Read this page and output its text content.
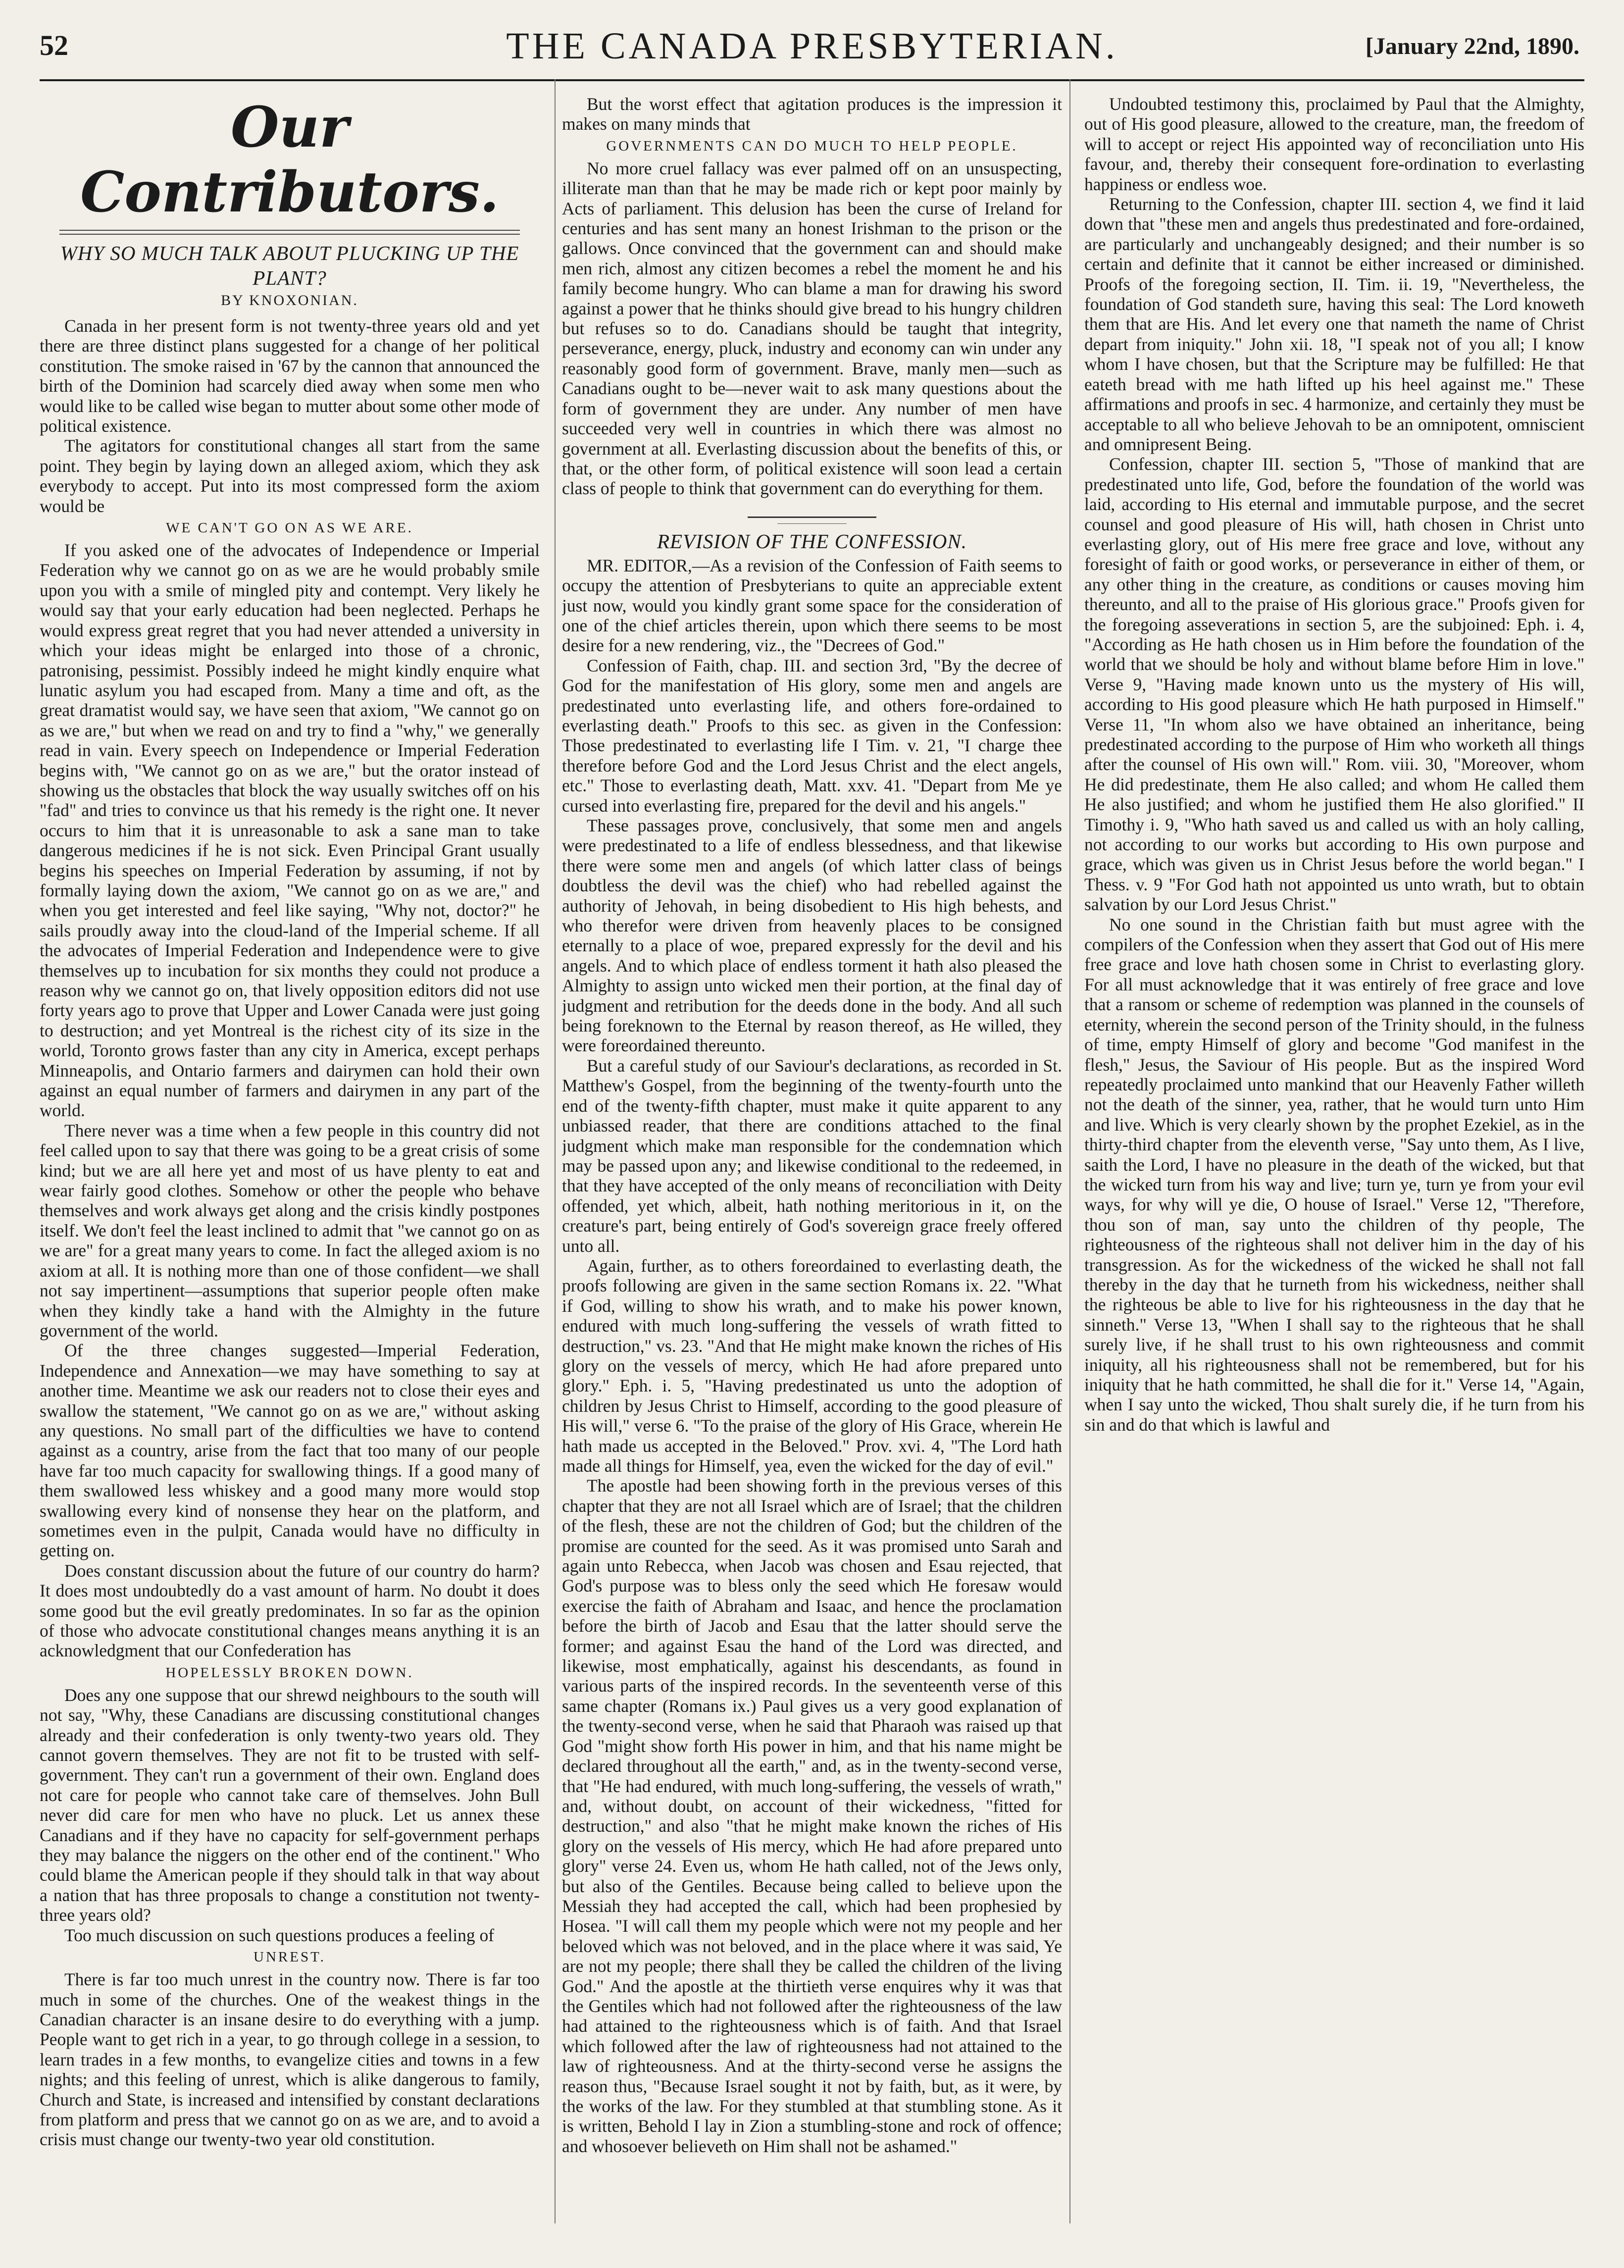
52	THE CANADA PRESBYTERIAN.	[January 22nd, 1890.
Our Contributors.
WHY SO MUCH TALK ABOUT PLUCKING UP THE PLANT?
BY KNOXONIAN.

Canada in her present form is not twenty-three years old and yet there are three distinct plans suggested for a change of her political constitution. The smoke raised in '67 by the cannon that announced the birth of the Dominion had scarcely died away when some men who would like to be called wise began to mutter about some other mode of political existence.

The agitators for constitutional changes all start from the same point. They begin by laying down an alleged axiom, which they ask everybody to accept. Put into its most compressed form the axiom would be

WE CAN'T GO ON AS WE ARE.

If you asked one of the advocates of Independence or Imperial Federation why we cannot go on as we are he would probably smile upon you with a smile of mingled pity and contempt. Very likely he would say that your early education had been neglected. Perhaps he would express great regret that you had never attended a university in which your ideas might be enlarged into those of a chronic, patronising, pessimist. Possibly indeed he might kindly enquire what lunatic asylum you had escaped from. Many a time and oft, as the great dramatist would say, we have seen that axiom, "We cannot go on as we are," but when we read on and try to find a "why," we generally read in vain. Every speech on Independence or Imperial Federation begins with, "We cannot go on as we are," but the orator instead of showing us the obstacles that block the way usually switches off on his "fad" and tries to convince us that his remedy is the right one. It never occurs to him that it is unreasonable to ask a sane man to take dangerous medicines if he is not sick. Even Principal Grant usually begins his speeches on Imperial Federation by assuming, if not by formally laying down the axiom, "We cannot go on as we are," and when you get interested and feel like saying, "Why not, doctor?" he sails proudly away into the cloud-land of the Imperial scheme. If all the advocates of Imperial Federation and Independence were to give themselves up to incubation for six months they could not produce a reason why we cannot go on, that lively opposition editors did not use forty years ago to prove that Upper and Lower Canada were just going to destruction; and yet Montreal is the richest city of its size in the world, Toronto grows faster than any city in America, except perhaps Minneapolis, and Ontario farmers and dairymen can hold their own against an equal number of farmers and dairymen in any part of the world.

There never was a time when a few people in this country did not feel called upon to say that there was going to be a great crisis of some kind; but we are all here yet and most of us have plenty to eat and wear fairly good clothes. Somehow or other the people who behave themselves and work always get along and the crisis kindly postpones itself. We don't feel the least inclined to admit that "we cannot go on as we are" for a great many years to come. In fact the alleged axiom is no axiom at all. It is nothing more than one of those confident—we shall not say impertinent—assumptions that superior people often make when they kindly take a hand with the Almighty in the future government of the world.

Of the three changes suggested—Imperial Federation, Independence and Annexation—we may have something to say at another time. Meantime we ask our readers not to close their eyes and swallow the statement, "We cannot go on as we are," without asking any questions. No small part of the difficulties we have to contend against as a country, arise from the fact that too many of our people have far too much capacity for swallowing things. If a good many of them swallowed less whiskey and a good many more would stop swallowing every kind of nonsense they hear on the platform, and sometimes even in the pulpit, Canada would have no difficulty in getting on.

Does constant discussion about the future of our country do harm? It does most undoubtedly do a vast amount of harm. No doubt it does some good but the evil greatly predominates. In so far as the opinion of those who advocate constitutional changes means anything it is an acknowledgment that our Confederation has

HOPELESSLY BROKEN DOWN.

Does any one suppose that our shrewd neighbours to the south will not say, "Why, these Canadians are discussing constitutional changes already and their confederation is only twenty-two years old. They cannot govern themselves. They are not fit to be trusted with self-government. They can't run a government of their own. England does not care for people who cannot take care of themselves. John Bull never did care for men who have no pluck. Let us annex these Canadians and if they have no capacity for self-government perhaps they may balance the niggers on the other end of the continent." Who could blame the American people if they should talk in that way about a nation that has three proposals to change a constitution not twenty-three years old?

Too much discussion on such questions produces a feeling of

UNREST.

There is far too much unrest in the country now. There is far too much in some of the churches. One of the weakest things in the Canadian character is an insane desire to do everything with a jump. People want to get rich in a year, to go through college in a session, to learn trades in a few months, to evangelize cities and towns in a few nights; and this feeling of unrest, which is alike dangerous to family, Church and State, is increased and intensified by constant declarations from platform and press that we cannot go on as we are, and to avoid a crisis must change our twenty-two year old constitution.

But the worst effect that agitation produces is the impression it makes on many minds that

GOVERNMENTS CAN DO MUCH TO HELP PEOPLE.

No more cruel fallacy was ever palmed off on an unsuspecting, illiterate man than that he may be made rich or kept poor mainly by Acts of parliament. This delusion has been the curse of Ireland for centuries and has sent many an honest Irishman to the prison or the gallows. Once convinced that the government can and should make men rich, almost any citizen becomes a rebel the moment he and his family become hungry. Who can blame a man for drawing his sword against a power that he thinks should give bread to his hungry children but refuses so to do. Canadians should be taught that integrity, perseverance, energy, pluck, industry and economy can win under any reasonably good form of government. Brave, manly men—such as Canadians ought to be—never wait to ask many questions about the form of government they are under. Any number of men have succeeded very well in countries in which there was almost no government at all. Everlasting discussion about the benefits of this, or that, or the other form, of political existence will soon lead a certain class of people to think that government can do everything for them.

REVISION OF THE CONFESSION.

MR. EDITOR,—As a revision of the Confession of Faith seems to occupy the attention of Presbyterians to quite an appreciable extent just now, would you kindly grant some space for the consideration of one of the chief articles therein, upon which there seems to be most desire for a new rendering, viz., the "Decrees of God."

Confession of Faith, chap. III. and section 3rd, "By the decree of God for the manifestation of His glory, some men and angels are predestinated unto everlasting life, and others fore-ordained to everlasting death." Proofs to this sec. as given in the Confession: Those predestinated to everlasting life I Tim. v. 21, "I charge thee therefore before God and the Lord Jesus Christ and the elect angels, etc." Those to everlasting death, Matt. xxv. 41. "Depart from Me ye cursed into everlasting fire, prepared for the devil and his angels."

These passages prove, conclusively, that some men and angels were predestinated to a life of endless blessedness, and that likewise there were some men and angels (of which latter class of beings doubtless the devil was the chief) who had rebelled against the authority of Jehovah, in being disobedient to His high behests, and who therefor were driven from heavenly places to be consigned eternally to a place of woe, prepared expressly for the devil and his angels. And to which place of endless torment it hath also pleased the Almighty to assign unto wicked men their portion, at the final day of judgment and retribution for the deeds done in the body. And all such being foreknown to the Eternal by reason thereof, as He willed, they were foreordained thereunto.

But a careful study of our Saviour's declarations, as recorded in St. Matthew's Gospel, from the beginning of the twenty-fourth unto the end of the twenty-fifth chapter, must make it quite apparent to any unbiassed reader, that there are conditions attached to the final judgment which make man responsible for the condemnation which may be passed upon any; and likewise conditional to the redeemed, in that they have accepted of the only means of reconciliation with Deity offended, yet which, albeit, hath nothing meritorious in it, on the creature's part, being entirely of God's sovereign grace freely offered unto all.

Again, further, as to others foreordained to everlasting death, the proofs following are given in the same section Romans ix. 22. "What if God, willing to show his wrath, and to make his power known, endured with much long-suffering the vessels of wrath fitted to destruction," vs. 23. "And that He might make known the riches of His glory on the vessels of mercy, which He had afore prepared unto glory." Eph. i. 5, "Having predestinated us unto the adoption of children by Jesus Christ to Himself, according to the good pleasure of His will," verse 6. "To the praise of the glory of His Grace, wherein He hath made us accepted in the Beloved." Prov. xvi. 4, "The Lord hath made all things for Himself, yea, even the wicked for the day of evil."

The apostle had been showing forth in the previous verses of this chapter that they are not all Israel which are of Israel; that the children of the flesh, these are not the children of God; but the children of the promise are counted for the seed. As it was promised unto Sarah and again unto Rebecca, when Jacob was chosen and Esau rejected, that God's purpose was to bless only the seed which He foresaw would exercise the faith of Abraham and Isaac, and hence the proclamation before the birth of Jacob and Esau that the latter should serve the former; and against Esau the hand of the Lord was directed, and likewise, most emphatically, against his descendants, as found in various parts of the inspired records. In the seventeenth verse of this same chapter (Romans ix.) Paul gives us a very good explanation of the twenty-second verse, when he said that Pharaoh was raised up that God "might show forth His power in him, and that his name might be declared throughout all the earth," and, as in the twenty-second verse, that "He had endured, with much long-suffering, the vessels of wrath," and, without doubt, on account of their wickedness, "fitted for destruction," and also "that he might make known the riches of His glory on the vessels of His mercy, which He had afore prepared unto glory" verse 24. Even us, whom He hath called, not of the Jews only, but also of the Gentiles. Because being called to believe upon the Messiah they had accepted the call, which had been prophesied by Hosea. "I will call them my people which were not my people and her beloved which was not beloved, and in the place where it was said, Ye are not my people; there shall they be called the children of the living God." And the apostle at the thirtieth verse enquires why it was that the Gentiles which had not followed after the righteousness of the law had attained to the righteousness which is of faith. And that Israel which followed after the law of righteousness had not attained to the law of righteousness. And at the thirty-second verse he assigns the reason thus, "Because Israel sought it not by faith, but, as it were, by the works of the law. For they stumbled at that stumbling stone. As it is written, Behold I lay in Zion a stumbling-stone and rock of offence; and whosoever believeth on Him shall not be ashamed."

Undoubted testimony this, proclaimed by Paul that the Almighty, out of His good pleasure, allowed to the creature, man, the freedom of will to accept or reject His appointed way of reconciliation unto His favour, and, thereby their consequent fore-ordination to everlasting happiness or endless woe.

Returning to the Confession, chapter III. section 4, we find it laid down that "these men and angels thus predestinated and fore-ordained, are particularly and unchangeably designed; and their number is so certain and definite that it cannot be either increased or diminished. Proofs of the foregoing section, II. Tim. ii. 19, "Nevertheless, the foundation of God standeth sure, having this seal: The Lord knoweth them that are His. And let every one that nameth the name of Christ depart from iniquity." John xii. 18, "I speak not of you all; I know whom I have chosen, but that the Scripture may be fulfilled: He that eateth bread with me hath lifted up his heel against me." These affirmations and proofs in sec. 4 harmonize, and certainly they must be acceptable to all who believe Jehovah to be an omnipotent, omniscient and omnipresent Being.

Confession, chapter III. section 5, "Those of mankind that are predestinated unto life, God, before the foundation of the world was laid, according to His eternal and immutable purpose, and the secret counsel and good pleasure of His will, hath chosen in Christ unto everlasting glory, out of His mere free grace and love, without any foresight of faith or good works, or perseverance in either of them, or any other thing in the creature, as conditions or causes moving him thereunto, and all to the praise of His glorious grace." Proofs given for the foregoing asseverations in section 5, are the subjoined: Eph. i. 4, "According as He hath chosen us in Him before the foundation of the world that we should be holy and without blame before Him in love." Verse 9, "Having made known unto us the mystery of His will, according to His good pleasure which He hath purposed in Himself." Verse 11, "In whom also we have obtained an inheritance, being predestinated according to the purpose of Him who worketh all things after the counsel of His own will." Rom. viii. 30, "Moreover, whom He did predestinate, them He also called; and whom He called them He also justified; and whom he justified them He also glorified." II Timothy i. 9, "Who hath saved us and called us with an holy calling, not according to our works but according to His own purpose and grace, which was given us in Christ Jesus before the world began." I Thess. v. 9 "For God hath not appointed us unto wrath, but to obtain salvation by our Lord Jesus Christ."

No one sound in the Christian faith but must agree with the compilers of the Confession when they assert that God out of His mere free grace and love hath chosen some in Christ to everlasting glory. For all must acknowledge that it was entirely of free grace and love that a ransom or scheme of redemption was planned in the counsels of eternity, wherein the second person of the Trinity should, in the fulness of time, empty Himself of glory and become "God manifest in the flesh," Jesus, the Saviour of His people. But as the inspired Word repeatedly proclaimed unto mankind that our Heavenly Father willeth not the death of the sinner, yea, rather, that he would turn unto Him and live. Which is very clearly shown by the prophet Ezekiel, as in the thirty-third chapter from the eleventh verse, "Say unto them, As I live, saith the Lord, I have no pleasure in the death of the wicked, but that the wicked turn from his way and live; turn ye, turn ye from your evil ways, for why will ye die, O house of Israel." Verse 12, "Therefore, thou son of man, say unto the children of thy people, The righteousness of the righteous shall not deliver him in the day of his transgression. As for the wickedness of the wicked he shall not fall thereby in the day that he turneth from his wickedness, neither shall the righteous be able to live for his righteousness in the day that he sinneth." Verse 13, "When I shall say to the righteous that he shall surely live, if he shall trust to his own righteousness and commit iniquity, all his righteousness shall not be remembered, but for his iniquity that he hath committed, he shall die for it." Verse 14, "Again, when I say unto the wicked, Thou shalt surely die, if he turn from his sin and do that which is lawful and
